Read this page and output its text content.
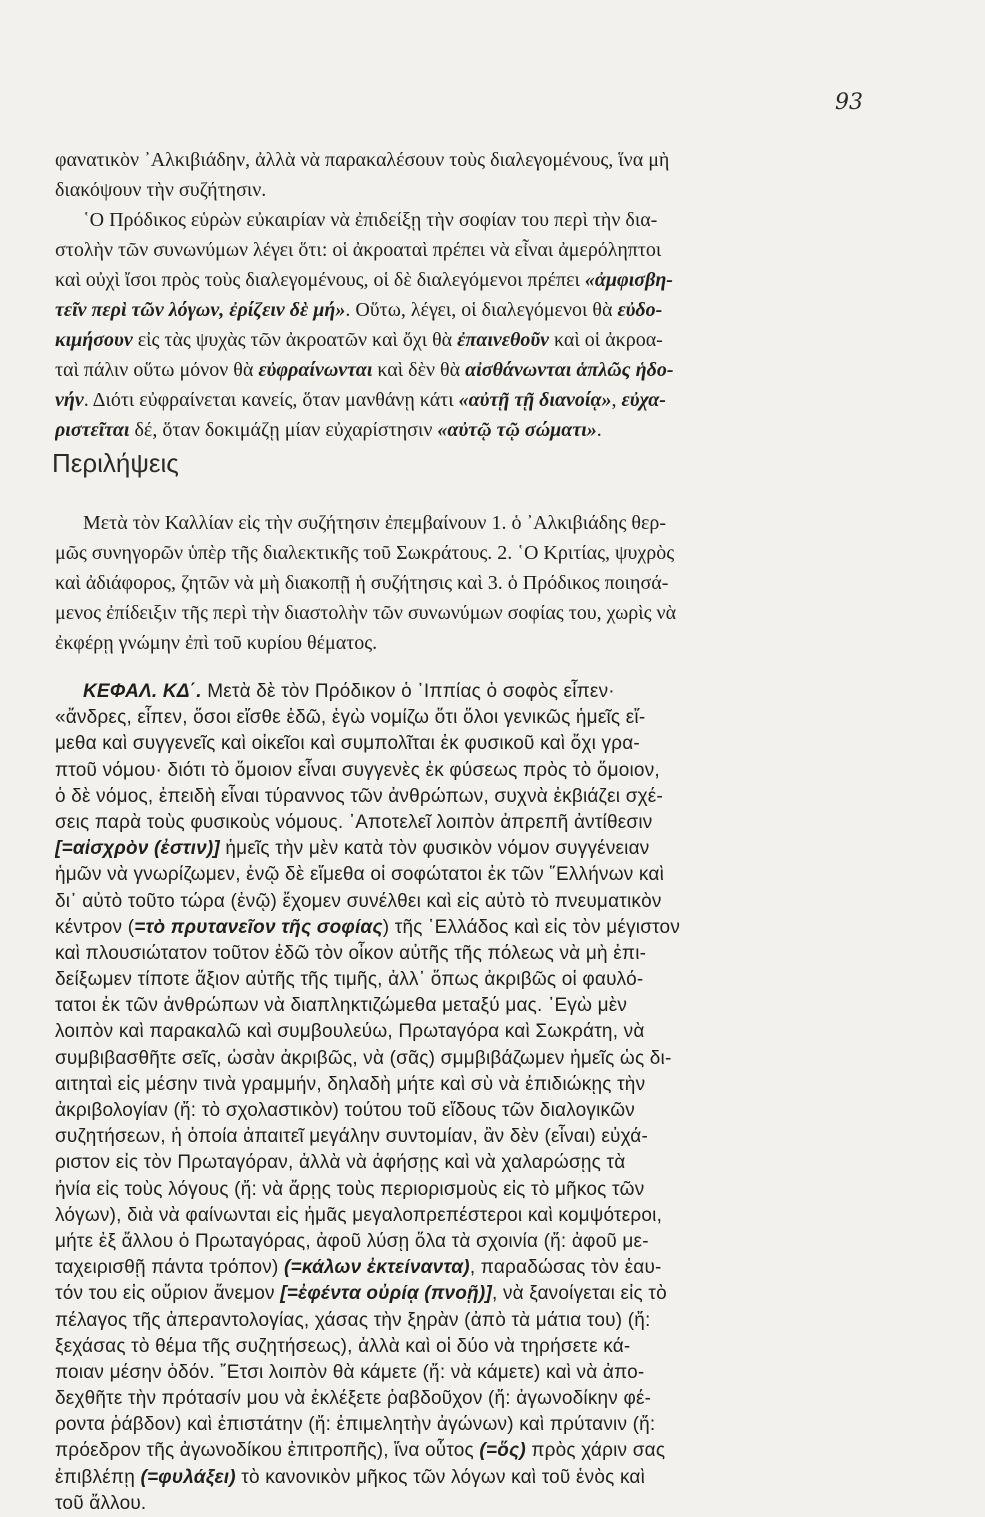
93
φανατικὸν ᾿Αλκιβιάδην, ἀλλὰ νὰ παρακαλέσουν τοὺς διαλεγομένους, ἵνα μὴ
διακόψουν τὴν συζήτησιν.
῾Ο Πρόδικος εὑρὼν εὐκαιρίαν νὰ ἐπιδείξῃ τὴν σοφίαν του περὶ τὴν δια-
στολὴν τῶν συνωνύμων λέγει ὅτι: οἱ ἀκροαταὶ πρέπει νὰ εἶναι ἀμερόληπτοι
καὶ οὐχὶ ἴσοι πρὸς τοὺς διαλεγομένους, οἱ δὲ διαλεγόμενοι πρέπει «ἀμφισβη-
τεῖν περὶ τῶν λόγων, ἐρίζειν δὲ μή». Οὕτω, λέγει, οἱ διαλεγόμενοι θὰ εὐδο-
κιμήσουν εἰς τὰς ψυχὰς τῶν ἀκροατῶν καὶ ὄχι θὰ ἐπαινεθοῦν καὶ οἱ ἀκροα-
ταὶ πάλιν οὕτω μόνον θὰ εὐφραίνωνται καὶ δὲν θὰ αἰσθάνωνται ἁπλῶς ἡδο-
νήν. Διότι εὐφραίνεται κανείς, ὅταν μανθάνῃ κάτι «αὐτῇ τῇ διανοίᾳ», εὐχα-
ριστεῖται δέ, ὅταν δοκιμάζῃ μίαν εὐχαρίστησιν «αὐτῷ τῷ σώματι».
Περιλήψεις
Μετὰ τὸν Καλλίαν εἰς τὴν συζήτησιν ἐπεμβαίνουν 1. ὁ ᾿Αλκιβιάδης θερ-
μῶς συνηγορῶν ὑπὲρ τῆς διαλεκτικῆς τοῦ Σωκράτους. 2. ῾Ο Κριτίας, ψυχρὸς
καὶ ἀδιάφορος, ζητῶν νὰ μὴ διακοπῇ ἡ συζήτησις καὶ 3. ὁ Πρόδικος ποιησά-
μενος ἐπίδειξιν τῆς περὶ τὴν διαστολὴν τῶν συνωνύμων σοφίας του, χωρὶς νὰ
ἐκφέρῃ γνώμην ἐπὶ τοῦ κυρίου θέματος.
ΚΕΦΑΛ. ΚΔ΄. Μετὰ δὲ τὸν Πρόδικον ὁ ῾Ιππίας ὁ σοφὸς εἶπεν·
«ἄνδρες, εἶπεν, ὅσοι εἴσθε ἐδῶ, ἐγὼ νομίζω ὅτι ὅλοι γενικῶς ἡμεῖς εἴ-
μεθα καὶ συγγενεῖς καὶ οἰκεῖοι καὶ συμπολῖται ἐκ φυσικοῦ καὶ ὄχι γρα-
πτοῦ νόμου· διότι τὸ ὅμοιον εἶναι συγγενὲς ἐκ φύσεως πρὸς τὸ ὅμοιον,
ὁ δὲ νόμος, ἐπειδὴ εἶναι τύραννος τῶν ἀνθρώπων, συχνὰ ἐκβιάζει σχέ-
σεις παρὰ τοὺς φυσικοὺς νόμους. ᾿Αποτελεῖ λοιπὸν ἀπρεπῆ ἀντίθεσιν
[=αἰσχρὸν (ἐστιν)] ἡμεῖς τὴν μὲν κατὰ τὸν φυσικὸν νόμον συγγένειαν
ἡμῶν νὰ γνωρίζωμεν, ἐνῷ δὲ εἴμεθα οἱ σοφώτατοι ἐκ τῶν ῞Ελλήνων καὶ
δι᾿ αὐτὸ τοῦτο τώρα (ἐνῷ) ἔχομεν συνέλθει καὶ εἰς αὐτὸ τὸ πνευματικὸν
κέντρον (=τὸ πρυτανεῖον τῆς σοφίας) τῆς ῾Ελλάδος καὶ εἰς τὸν μέγιστον
καὶ πλουσιώτατον τοῦτον ἐδῶ τὸν οἶκον αὐτῆς τῆς πόλεως νὰ μὴ ἐπι-
δείξωμεν τίποτε ἄξιον αὐτῆς τῆς τιμῆς, ἀλλ᾿ ὅπως ἀκριβῶς οἱ φαυλό-
τατοι ἐκ τῶν ἀνθρώπων νὰ διαπληκτιζώμεθα μεταξύ μας. ᾿Εγὼ μὲν
λοιπὸν καὶ παρακαλῶ καὶ συμβουλεύω, Πρωταγόρα καὶ Σωκράτη, νὰ
συμβιβασθῆτε σεῖς, ὡσὰν ἀκριβῶς, νὰ (σᾶς) σμμβιβάζωμεν ἡμεῖς ὡς δι-
αιτηταὶ εἰς μέσην τινὰ γραμμήν, δηλαδὴ μήτε καὶ σὺ νὰ ἐπιδιώκῃς τὴν
ἀκριβολογίαν (ἤ: τὸ σχολαστικὸν) τούτου τοῦ εἴδους τῶν διαλογικῶν
συζητήσεων, ἡ ὁποία ἀπαιτεῖ μεγάλην συντομίαν, ἂν δὲν (εἶναι) εὐχά-
ριστον εἰς τὸν Πρωταγόραν, ἀλλὰ νὰ ἀφήσῃς καὶ νὰ χαλαρώσῃς τὰ
ἡνία εἰς τοὺς λόγους (ἤ: νὰ ἄρῃς τοὺς περιορισμοὺς εἰς τὸ μῆκος τῶν
λόγων), διὰ νὰ φαίνωνται εἰς ἡμᾶς μεγαλοπρεπέστεροι καὶ κομψότεροι,
μήτε ἐξ ἄλλου ὁ Πρωταγόρας, ἀφοῦ λύσῃ ὅλα τὰ σχοινία (ἤ: ἀφοῦ με-
ταχειρισθῇ πάντα τρόπον) (=κάλων ἐκτείναντα), παραδώσας τὸν ἑαυ-
τόν του εἰς οὔριον ἄνεμον [=ἐφέντα οὐρίᾳ (πνοῇ)], νὰ ξανοίγεται εἰς τὸ
πέλαγος τῆς ἀπεραντολογίας, χάσας τὴν ξηρὰν (ἀπὸ τὰ μάτια του) (ἤ:
ξεχάσας τὸ θέμα τῆς συζητήσεως), ἀλλὰ καὶ οἱ δύο νὰ τηρήσετε κά-
ποιαν μέσην ὁδόν. ῎Ετσι λοιπὸν θὰ κάμετε (ἤ: νὰ κάμετε) καὶ νὰ ἀπο-
δεχθῆτε τὴν πρότασίν μου νὰ ἐκλέξετε ῥαβδοῦχον (ἤ: ἀγωνοδίκην φέ-
ροντα ῥάβδον) καὶ ἐπιστάτην (ἤ: ἐπιμελητὴν ἀγώνων) καὶ πρύτανιν (ἤ:
πρόεδρον τῆς ἀγωνοδίκου ἐπιτροπῆς), ἵνα οὗτος (=ὅς) πρὸς χάριν σας
ἐπιβλέπῃ (=φυλάξει) τὸ κανονικὸν μῆκος τῶν λόγων καὶ τοῦ ἑνὸς καὶ
τοῦ ἄλλου.
